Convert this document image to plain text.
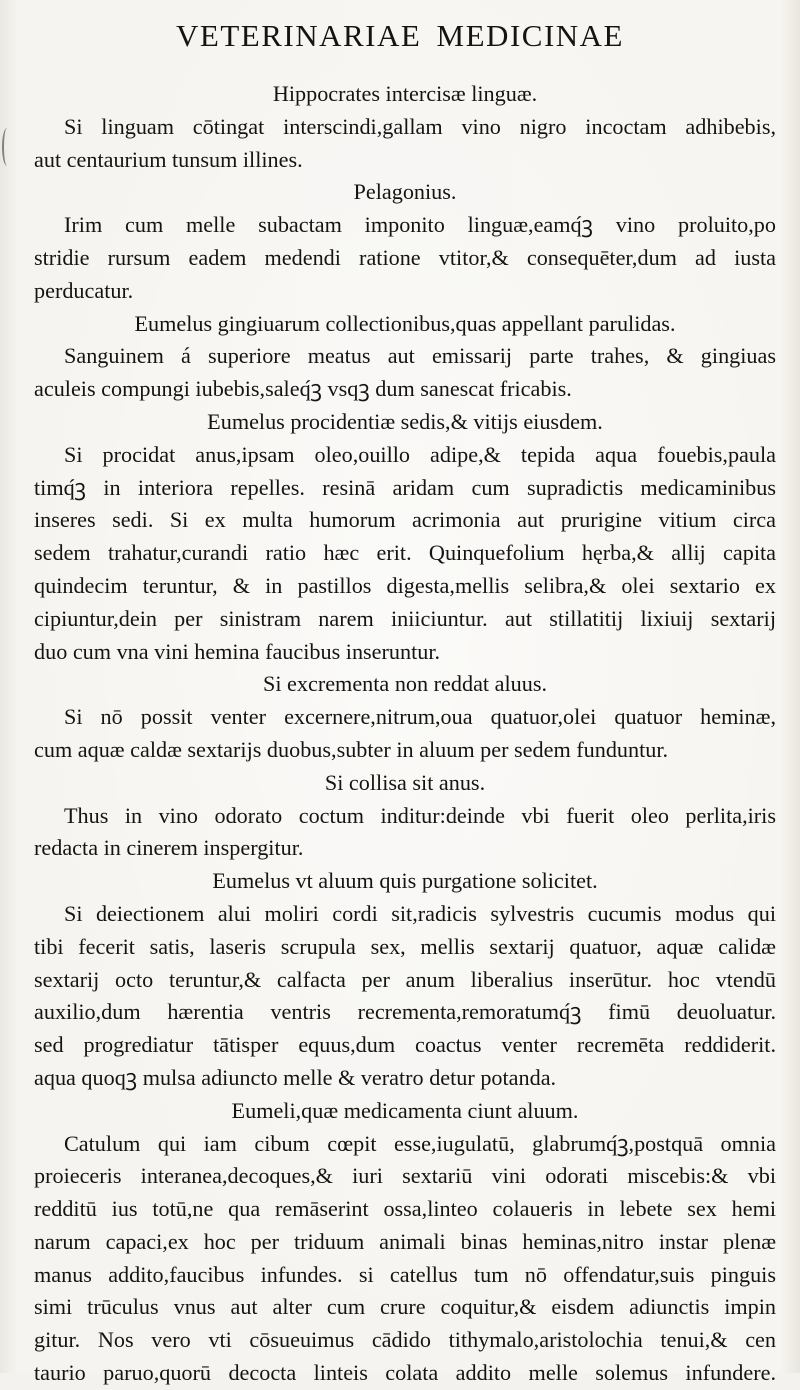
VETERINARIAE MEDICINAE
Hippocrates intercisæ linguæ.
Si linguam cōtingat interscindi,gallam vino nigro incoctam adhibebis,
aut centaurium tunsum illines.
Pelagonius.
Irim cum melle subactam imponito linguæ,eamq́ꝫ vino proluito,po
stridie rursum eadem medendi ratione vtitor,& consequēter,dum ad iusta
perducatur.
Eumelus gingiuarum collectionibus,quas appellant parulidas.
Sanguinem á superiore meatus aut emissarij parte trahes, & gingiuas
aculeis compungi iubebis,saleq́ꝫ vsqꝫ dum sanescat fricabis.
Eumelus procidentiæ sedis,& vitijs eiusdem.
Si procidat anus,ipsam oleo,ouillo adipe,& tepida aqua fouebis,paula
timq́ꝫ in interiora repelles. resinā aridam cum supradictis medicaminibus
inseres sedi. Si ex multa humorum acrimonia aut prurigine vitium circa
sedem trahatur,curandi ratio hæc erit. Quinquefolium hęrba,& allij capita
quindecim teruntur, & in pastillos digesta,mellis selibra,& olei sextario ex
cipiuntur,dein per sinistram narem iniiciuntur. aut stillatitij lixiuij sextarij
duo cum vna vini hemina faucibus inseruntur.
Si excrementa non reddat aluus.
Si nō possit venter excernere,nitrum,oua quatuor,olei quatuor heminæ,
cum aquæ caldæ sextarijs duobus,subter in aluum per sedem funduntur.
Si collisa sit anus.
Thus in vino odorato coctum inditur:deinde vbi fuerit oleo perlita,iris
redacta in cinerem inspergitur.
Eumelus vt aluum quis purgatione solicitet.
Si deiectionem alui moliri cordi sit,radicis sylvestris cucumis modus qui
tibi fecerit satis, laseris scrupula sex, mellis sextarij quatuor, aquæ calidæ
sextarij octo teruntur,& calfacta per anum liberalius inserūtur. hoc vtendū
auxilio,dum hærentia ventris recrementa,remoratumq́ꝫ fimū deuoluatur.
sed progrediatur tātisper equus,dum coactus venter recremēta reddiderit.
aqua quoqꝫ mulsa adiuncto melle & veratro detur potanda.
Eumeli,quæ medicamenta ciunt aluum.
Catulum qui iam cibum cœpit esse,iugulatū, glabrumq́ꝫ,postquā omnia
proieceris interanea,decoques,& iuri sextariū vini odorati miscebis:& vbi
redditū ius totū,ne qua remāserint ossa,linteo colaueris in lebete sex hemi
narum capaci,ex hoc per triduum animali binas heminas,nitro instar plenæ
manus addito,faucibus infundes. si catellus tum nō offendatur,suis pinguis
simi trūculus vnus aut alter cum crure coquitur,& eisdem adiunctis impin
gitur. Nos vero vti cōsueuimus cādido tithymalo,aristolochia tenui,& cen
taurio paruo,quorū decocta linteis colata addito melle solemus infundere.
